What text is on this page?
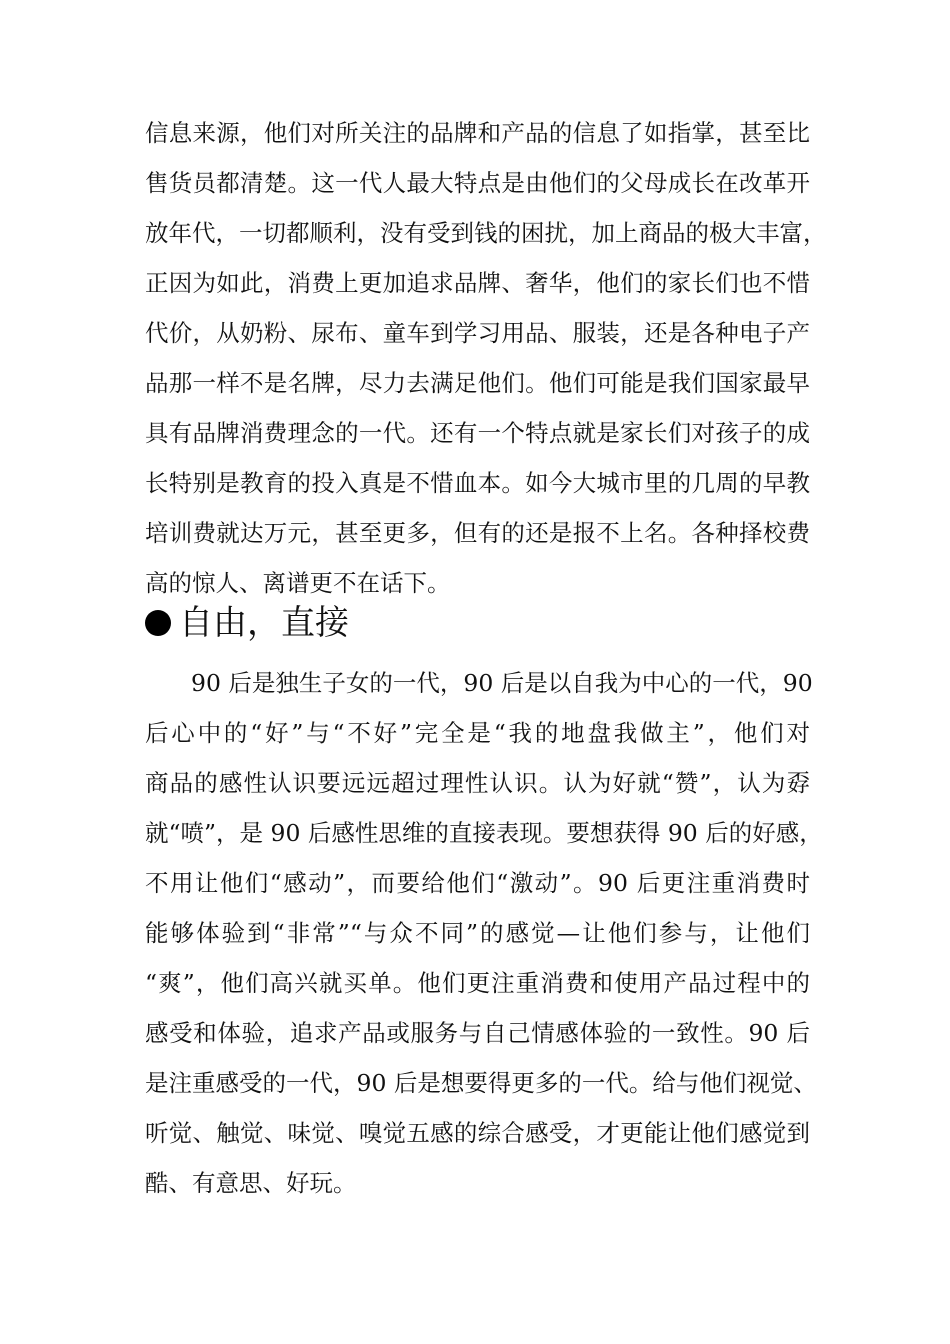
信息来源，他们对所关注的品牌和产品的信息了如指掌，甚至比
售货员都清楚。这一代人最大特点是由他们的父母成长在改革开
放年代，一切都顺利，没有受到钱的困扰，加上商品的极大丰富，
正因为如此，消费上更加追求品牌、奢华，他们的家长们也不惜
代价，从奶粉、尿布、童车到学习用品、服装，还是各种电子产
品那一样不是名牌，尽力去满足他们。他们可能是我们国家最早
具有品牌消费理念的一代。还有一个特点就是家长们对孩子的成
长特别是教育的投入真是不惜血本。如今大城市里的几周的早教
培训费就达万元，甚至更多，但有的还是报不上名。各种择校费
高的惊人、离谱更不在话下。
自由，直接
90 后是独生子女的一代，90 后是以自我为中心的一代，90
后心中的“好”与“不好”完全是“我的地盘我做主”，他们对
商品的感性认识要远远超过理性认识。认为好就“赞”，认为孬
就“喷”，是 90 后感性思维的直接表现。要想获得 90 后的好感，
不用让他们“感动”，而要给他们“激动”。90 后更注重消费时
能够体验到“非常”“与众不同”的感觉—让他们参与，让他们
“爽”，他们高兴就买单。他们更注重消费和使用产品过程中的
感受和体验，追求产品或服务与自己情感体验的一致性。90 后
是注重感受的一代，90 后是想要得更多的一代。给与他们视觉、
听觉、触觉、味觉、嗅觉五感的综合感受，才更能让他们感觉到
酷、有意思、好玩。
